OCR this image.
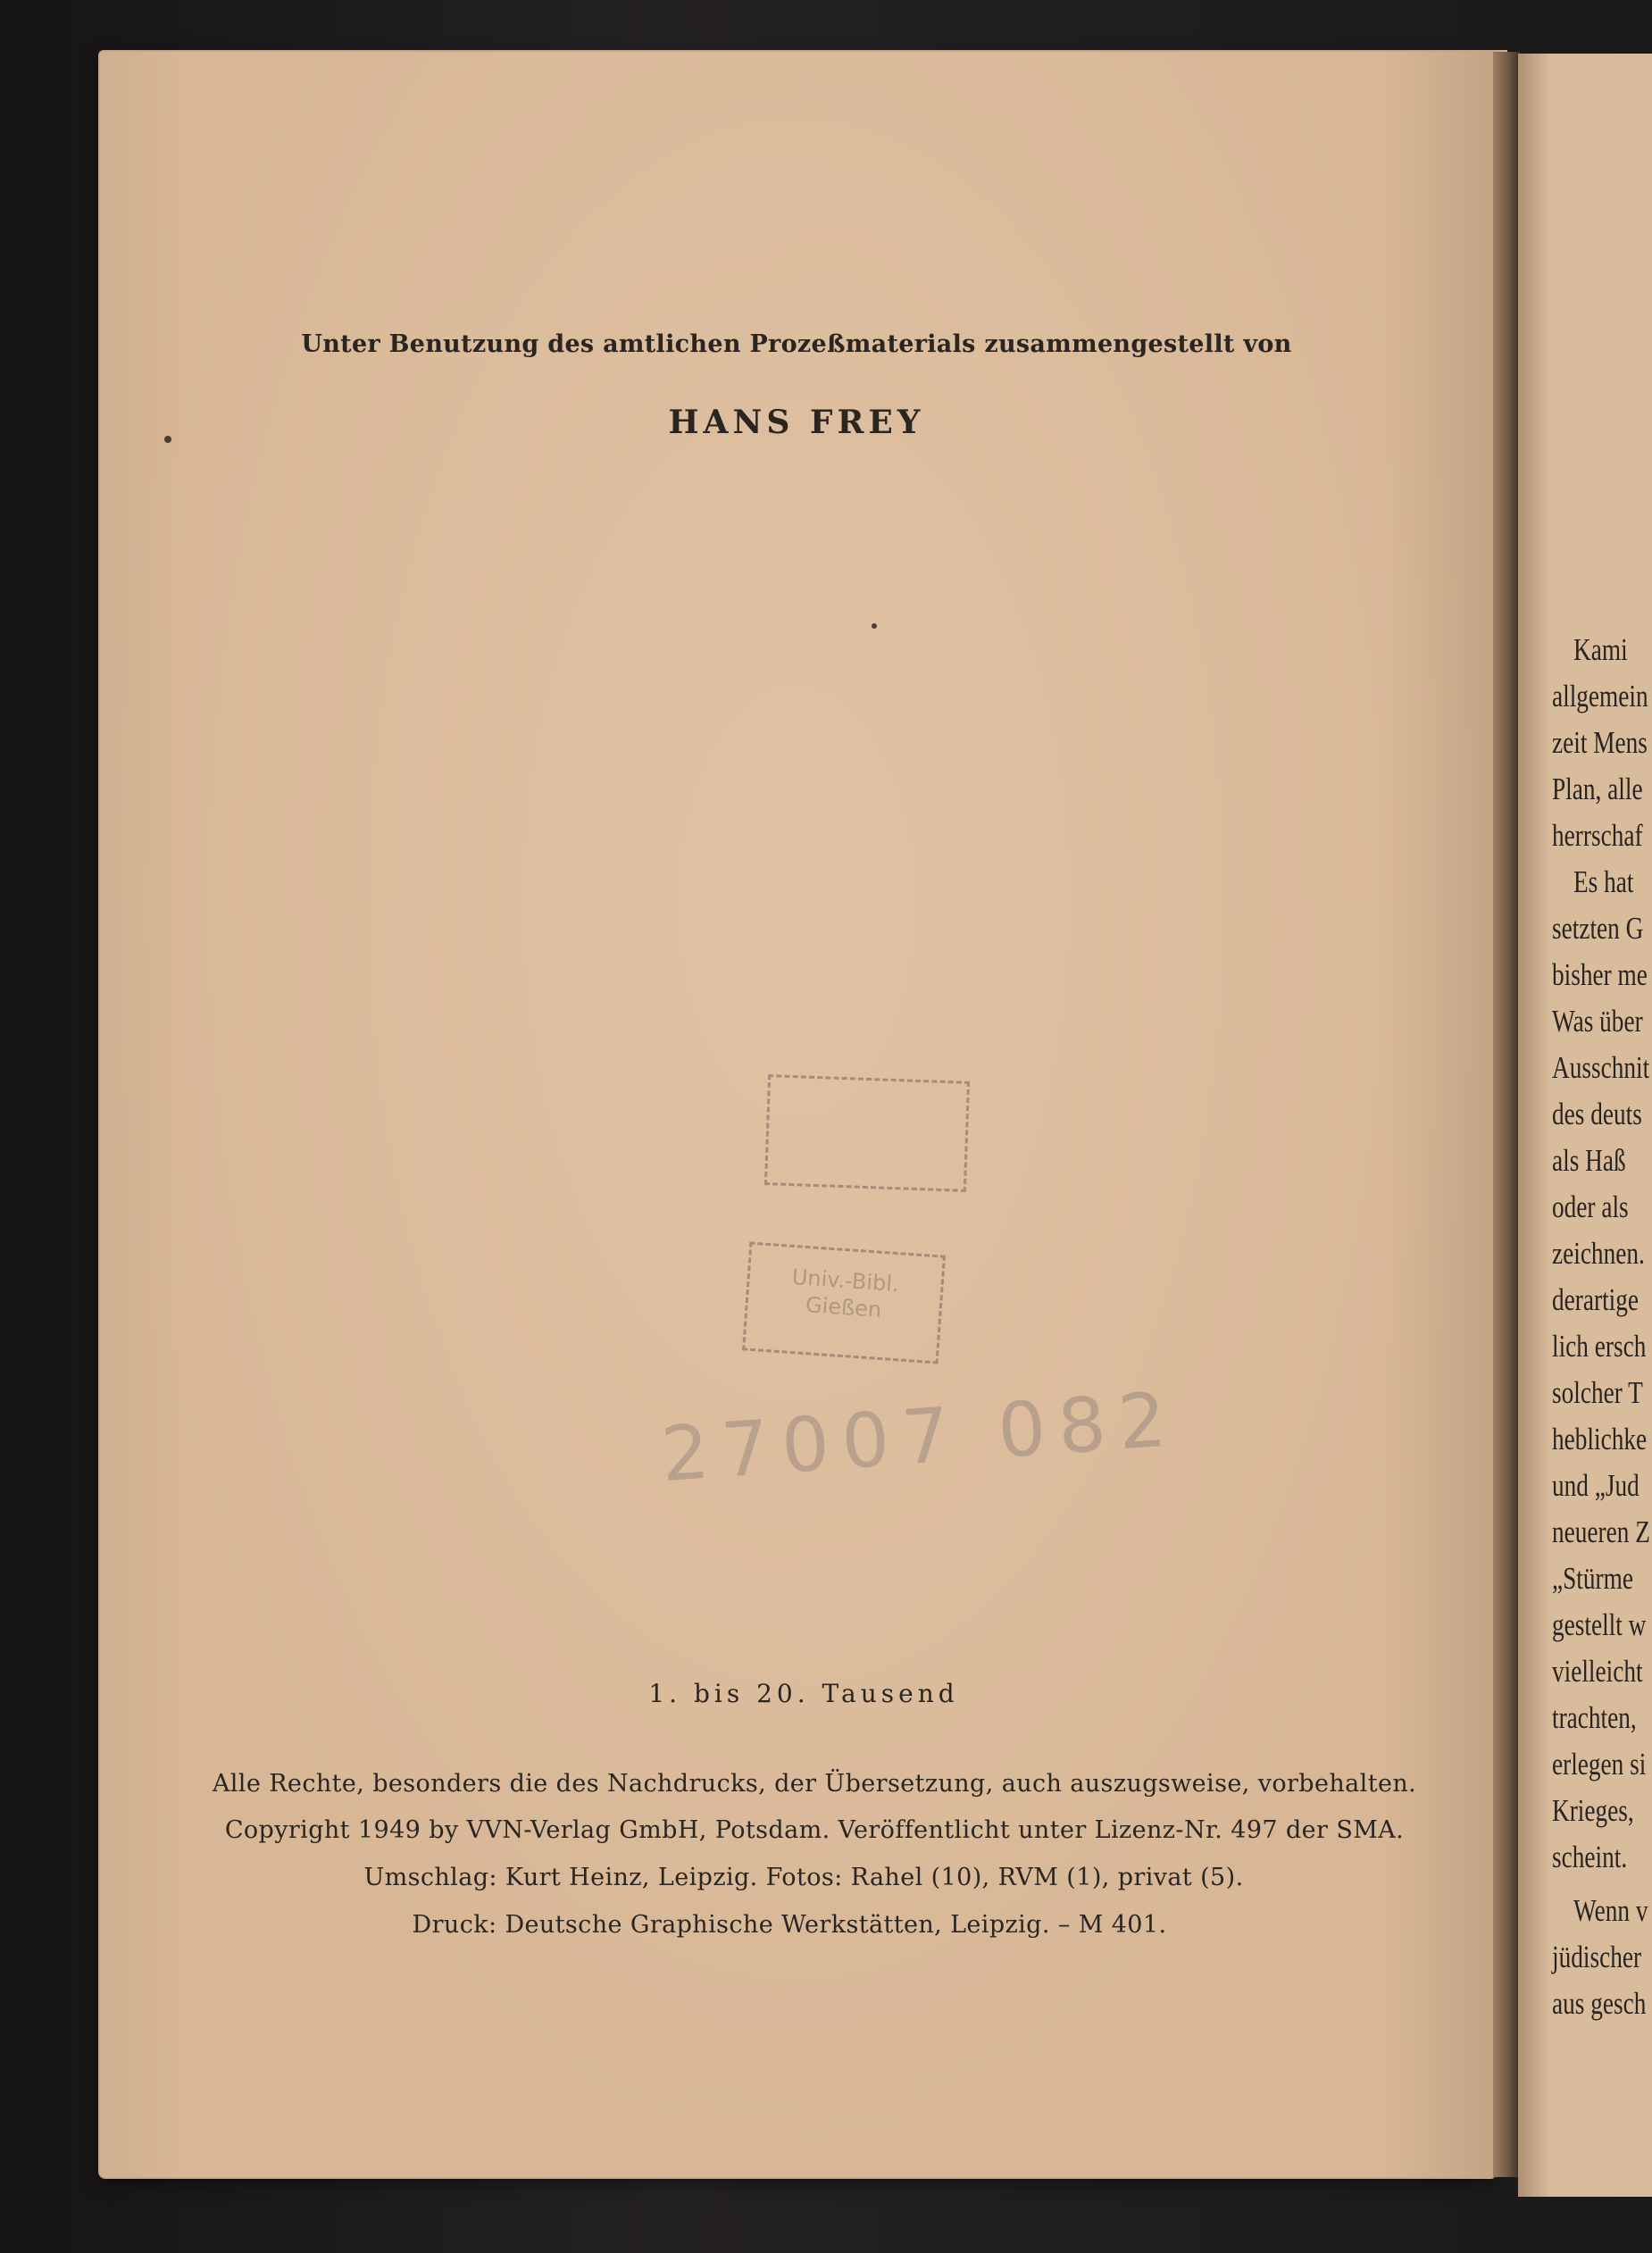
Kami
allgemein
zeit Mens
Plan, alle
herrschaf
Es hat
setzten G
bisher me
Was über
Ausschnit
des deuts
als Haß
oder als
zeichnen.
derartige
lich ersch
solcher T
heblichke
und „Jud
neueren Z
„Stürme
gestellt w
vielleicht
trachten,
erlegen si
Krieges,
scheint.
Wenn v
jüdischer
aus gesch
Unter Benutzung des amtlichen Prozeßmaterials zusammengestellt von
HANS FREY
Univ.-Bibl.
Gießen
27007 082
1. bis 20. Tausend
Alle Rechte, besonders die des Nachdrucks, der Übersetzung, auch auszugsweise, vorbehalten.
Copyright 1949 by VVN-Verlag GmbH, Potsdam. Veröffentlicht unter Lizenz-Nr. 497 der SMA.
Umschlag: Kurt Heinz, Leipzig. Fotos: Rahel (10), RVM (1), privat (5).
Druck: Deutsche Graphische Werkstätten, Leipzig. – M 401.
